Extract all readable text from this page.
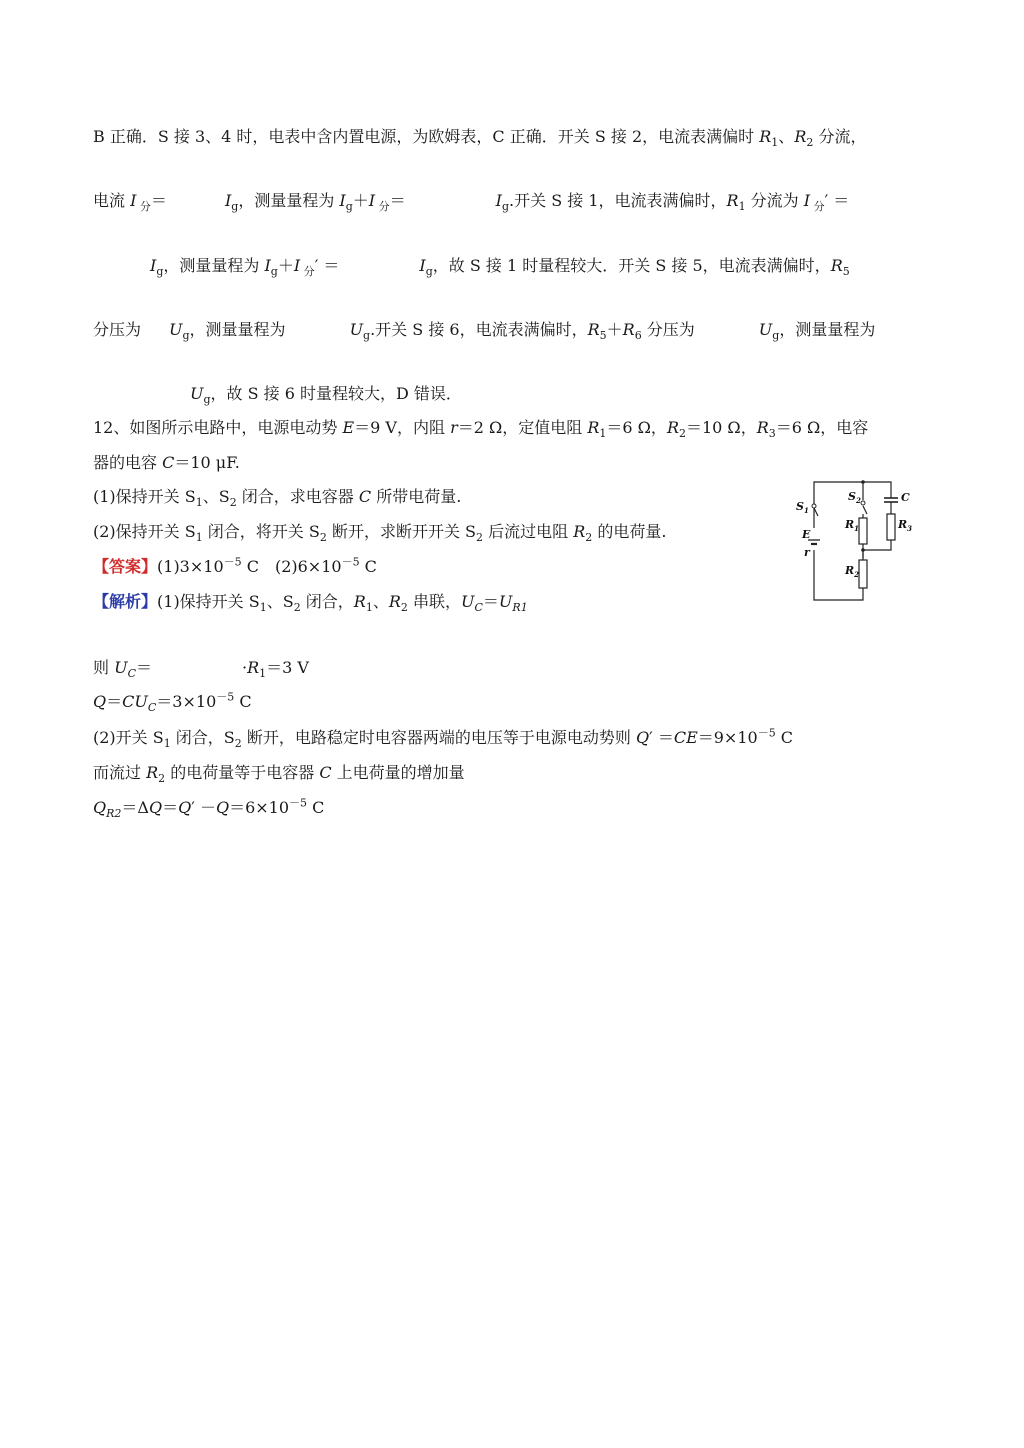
B 正确．S 接 3、4 时，电表中含内置电源，为欧姆表，C 正确．开关 S 接 2，电流表满偏时 $R_1$、$R_2$ 分流，
电流 I $_分$＝	$I_g$，测量量程为 $I_g+I$ $_分$＝	$I_g$.开关 S 接 1，电流表满偏时，$R_1$ 分流为 I $_分$′ ＝
$I_g$，测量量程为 $I_g+I$ $_分$′ ＝	$I_g$，故 S 接 1 时量程较大．开关 S 接 5，电流表满偏时，$R_5$
分压为 $U_g$，测量量程为	$U_g$.开关 S 接 6，电流表满偏时，$R_5+R_6$ 分压为	$U_g$，测量量程为
$U_g$，故 S 接 6 时量程较大，D 错误．
12、如图所示电路中，电源电动势 E＝9 V，内阻 r＝2 Ω，定值电阻 $R_1=6$ Ω，$R_2=10$ Ω，$R_3=6$ Ω，电容
器的电容 C＝10 μF.
(1)保持开关 $S_1$、$S_2$ 闭合，求电容器 C 所带电荷量.
(2)保持开关 $S_1$ 闭合，将开关 $S_2$ 断开，求断开开关 $S_2$ 后流过电阻 $R_2$ 的电荷量.
【答案】$(1)3\times 10^{-5}$ C　$(2)6\times 10^{-5}$ C
【解析】(1)保持开关 $S_1$、$S_2$ 闭合，$R_1$、$R_2$ 串联，$U_C=U_{R1}$
则 $U_C=$	$\cdot R_1=3$ V
$Q=CU_C=3\times 10^{-5}$ C
(2)开关 $S_1$ 闭合，$S_2$ 断开，电路稳定时电容器两端的电压等于电源电动势则 $Q' =CE=9\times 10^{-5}$ C
而流过 $R_2$ 的电荷量等于电容器 C 上电荷量的增加量
$Q_{R2}=\Delta Q=Q' -Q=6\times 10^{-5}$ C
$S_1$
$S_2$	C
$R_1$	$R_3$
E
r
$R_2$
